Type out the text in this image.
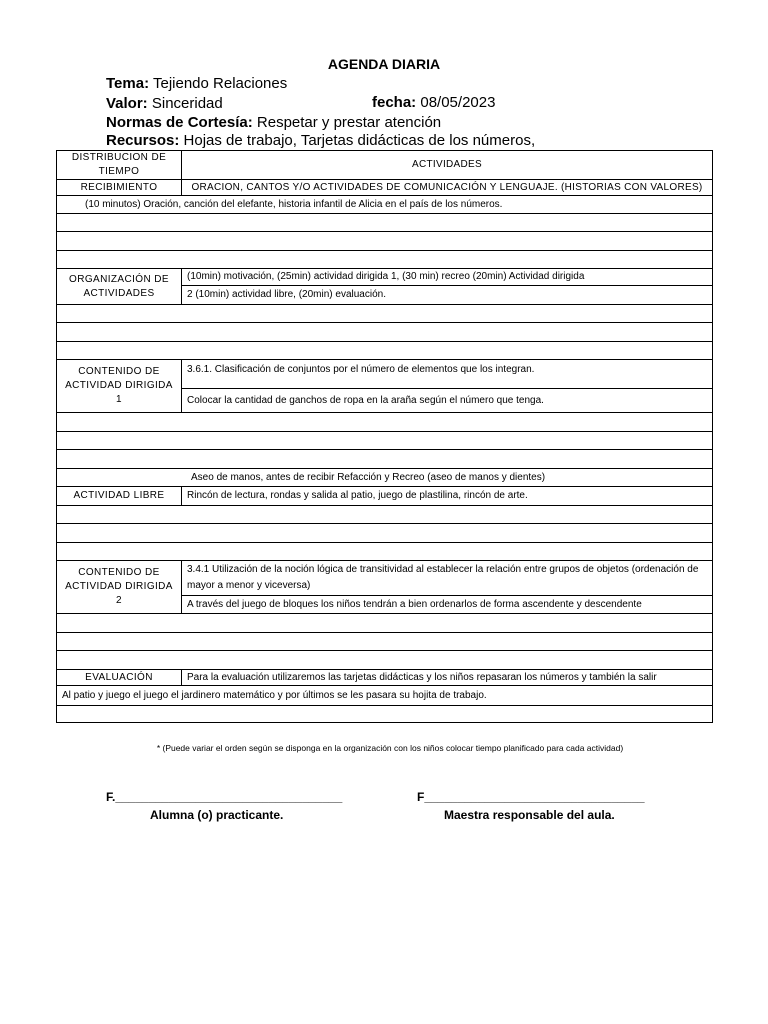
AGENDA DIARIA
Tema: Tejiendo Relaciones
Valor: Sinceridad	fecha: 08/05/2023
Normas de Cortesía: Respetar y prestar atención
Recursos: Hojas de trabajo, Tarjetas didácticas de los números,
DISTRIBUCION DE TIEMPO	ACTIVIDADES
RECIBIMIENTO	ORACION, CANTOS Y/O ACTIVIDADES DE COMUNICACIÓN Y LENGUAJE. (HISTORIAS CON VALORES)
(10 minutos) Oración, canción del elefante, historia infantil de Alicia en el país de los números.	

ORGANIZACIÓN DE ACTIVIDADES	(10min) motivación, (25min) actividad dirigida 1, (30 min) recreo (20min) Actividad dirigida
	2 (10min) actividad libre, (20min) evaluación.

CONTENIDO DE ACTIVIDAD DIRIGIDA 1	3.6.1. Clasificación de conjuntos por el número de elementos que los integran.
	Colocar la cantidad de ganchos de ropa en la araña según el número que tenga.

Aseo de manos, antes de recibir Refacción y Recreo (aseo de manos y dientes)	
ACTIVIDAD LIBRE	Rincón de lectura, rondas y salida al patio, juego de plastilina, rincón de arte.

CONTENIDO DE ACTIVIDAD DIRIGIDA 2	3.4.1 Utilización de la noción lógica de transitividad al establecer la relación entre grupos de objetos (ordenación de mayor a menor y viceversa)
	A través del juego de bloques los niños tendrán a bien ordenarlos de forma ascendente y descendente

EVALUACIÓN	Para la evaluación utilizaremos las tarjetas didácticas y los niños repasaran los números y también la salir
Al patio y juego el juego el jardinero matemático y por últimos se les pasara su hojita de trabajo.	

* (Puede variar el orden según se disponga en la organización con los niños colocar tiempo planificado para cada actividad)
F.__________________________________
Alumna (o) practicante.
F_________________________________
Maestra responsable del aula.
